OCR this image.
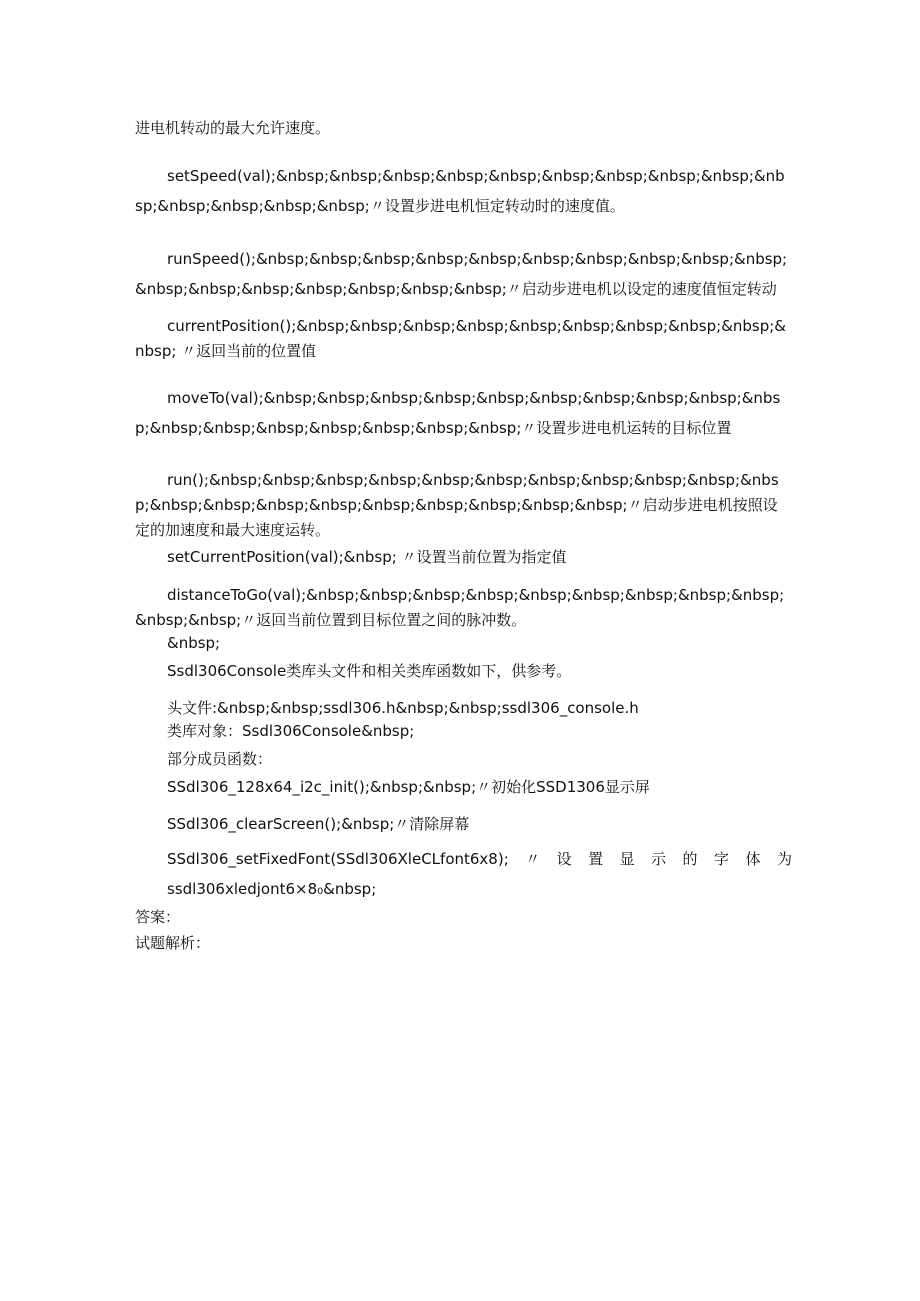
进电机转动的最大允许速度。

setSpeed(val);&nbsp;&nbsp;&nbsp;&nbsp;&nbsp;&nbsp;&nbsp;&nbsp;&nbsp;&nbsp;&nbsp;&nbsp;&nbsp;&nbsp;〃设置步进电机恒定转动时的速度值。

runSpeed();&nbsp;&nbsp;&nbsp;&nbsp;&nbsp;&nbsp;&nbsp;&nbsp;&nbsp;&nbsp;&nbsp;&nbsp;&nbsp;&nbsp;&nbsp;&nbsp;&nbsp;〃启动步进电机以设定的速度值恒定转动

currentPosition();&nbsp;&nbsp;&nbsp;&nbsp;&nbsp;&nbsp;&nbsp;&nbsp;&nbsp;&nbsp; 〃返回当前的位置值

moveTo(val);&nbsp;&nbsp;&nbsp;&nbsp;&nbsp;&nbsp;&nbsp;&nbsp;&nbsp;&nbsp;&nbsp;&nbsp;&nbsp;&nbsp;&nbsp;&nbsp;&nbsp;〃设置步进电机运转的目标位置

run();&nbsp;&nbsp;&nbsp;&nbsp;&nbsp;&nbsp;&nbsp;&nbsp;&nbsp;&nbsp;&nbsp;&nbsp;&nbsp;&nbsp;&nbsp;&nbsp;&nbsp;&nbsp;&nbsp;&nbsp;〃启动步进电机按照设定的加速度和最大速度运转。

setCurrentPosition(val);&nbsp; 〃设置当前位置为指定值

distanceToGo(val);&nbsp;&nbsp;&nbsp;&nbsp;&nbsp;&nbsp;&nbsp;&nbsp;&nbsp;&nbsp;&nbsp;〃返回当前位置到目标位置之间的脉冲数。

&nbsp;

Ssdl306Console类库头文件和相关类库函数如下，供参考。

头文件:&nbsp;&nbsp;ssdl306.h&nbsp;&nbsp;ssdl306_console.h

类库对象：Ssdl306Console&nbsp;

部分成员函数：

SSdl306_128x64_i2c_init();&nbsp;&nbsp;〃初始化SSD1306显示屏

SSdl306_clearScreen();&nbsp;〃清除屏幕

SSdl306_setFixedFont(SSdl306XleCLfont6x8); 〃 设 置 显 示 的 字 体 为

ssdl306xledjont6×8₀&nbsp;

答案：

试题解析：
